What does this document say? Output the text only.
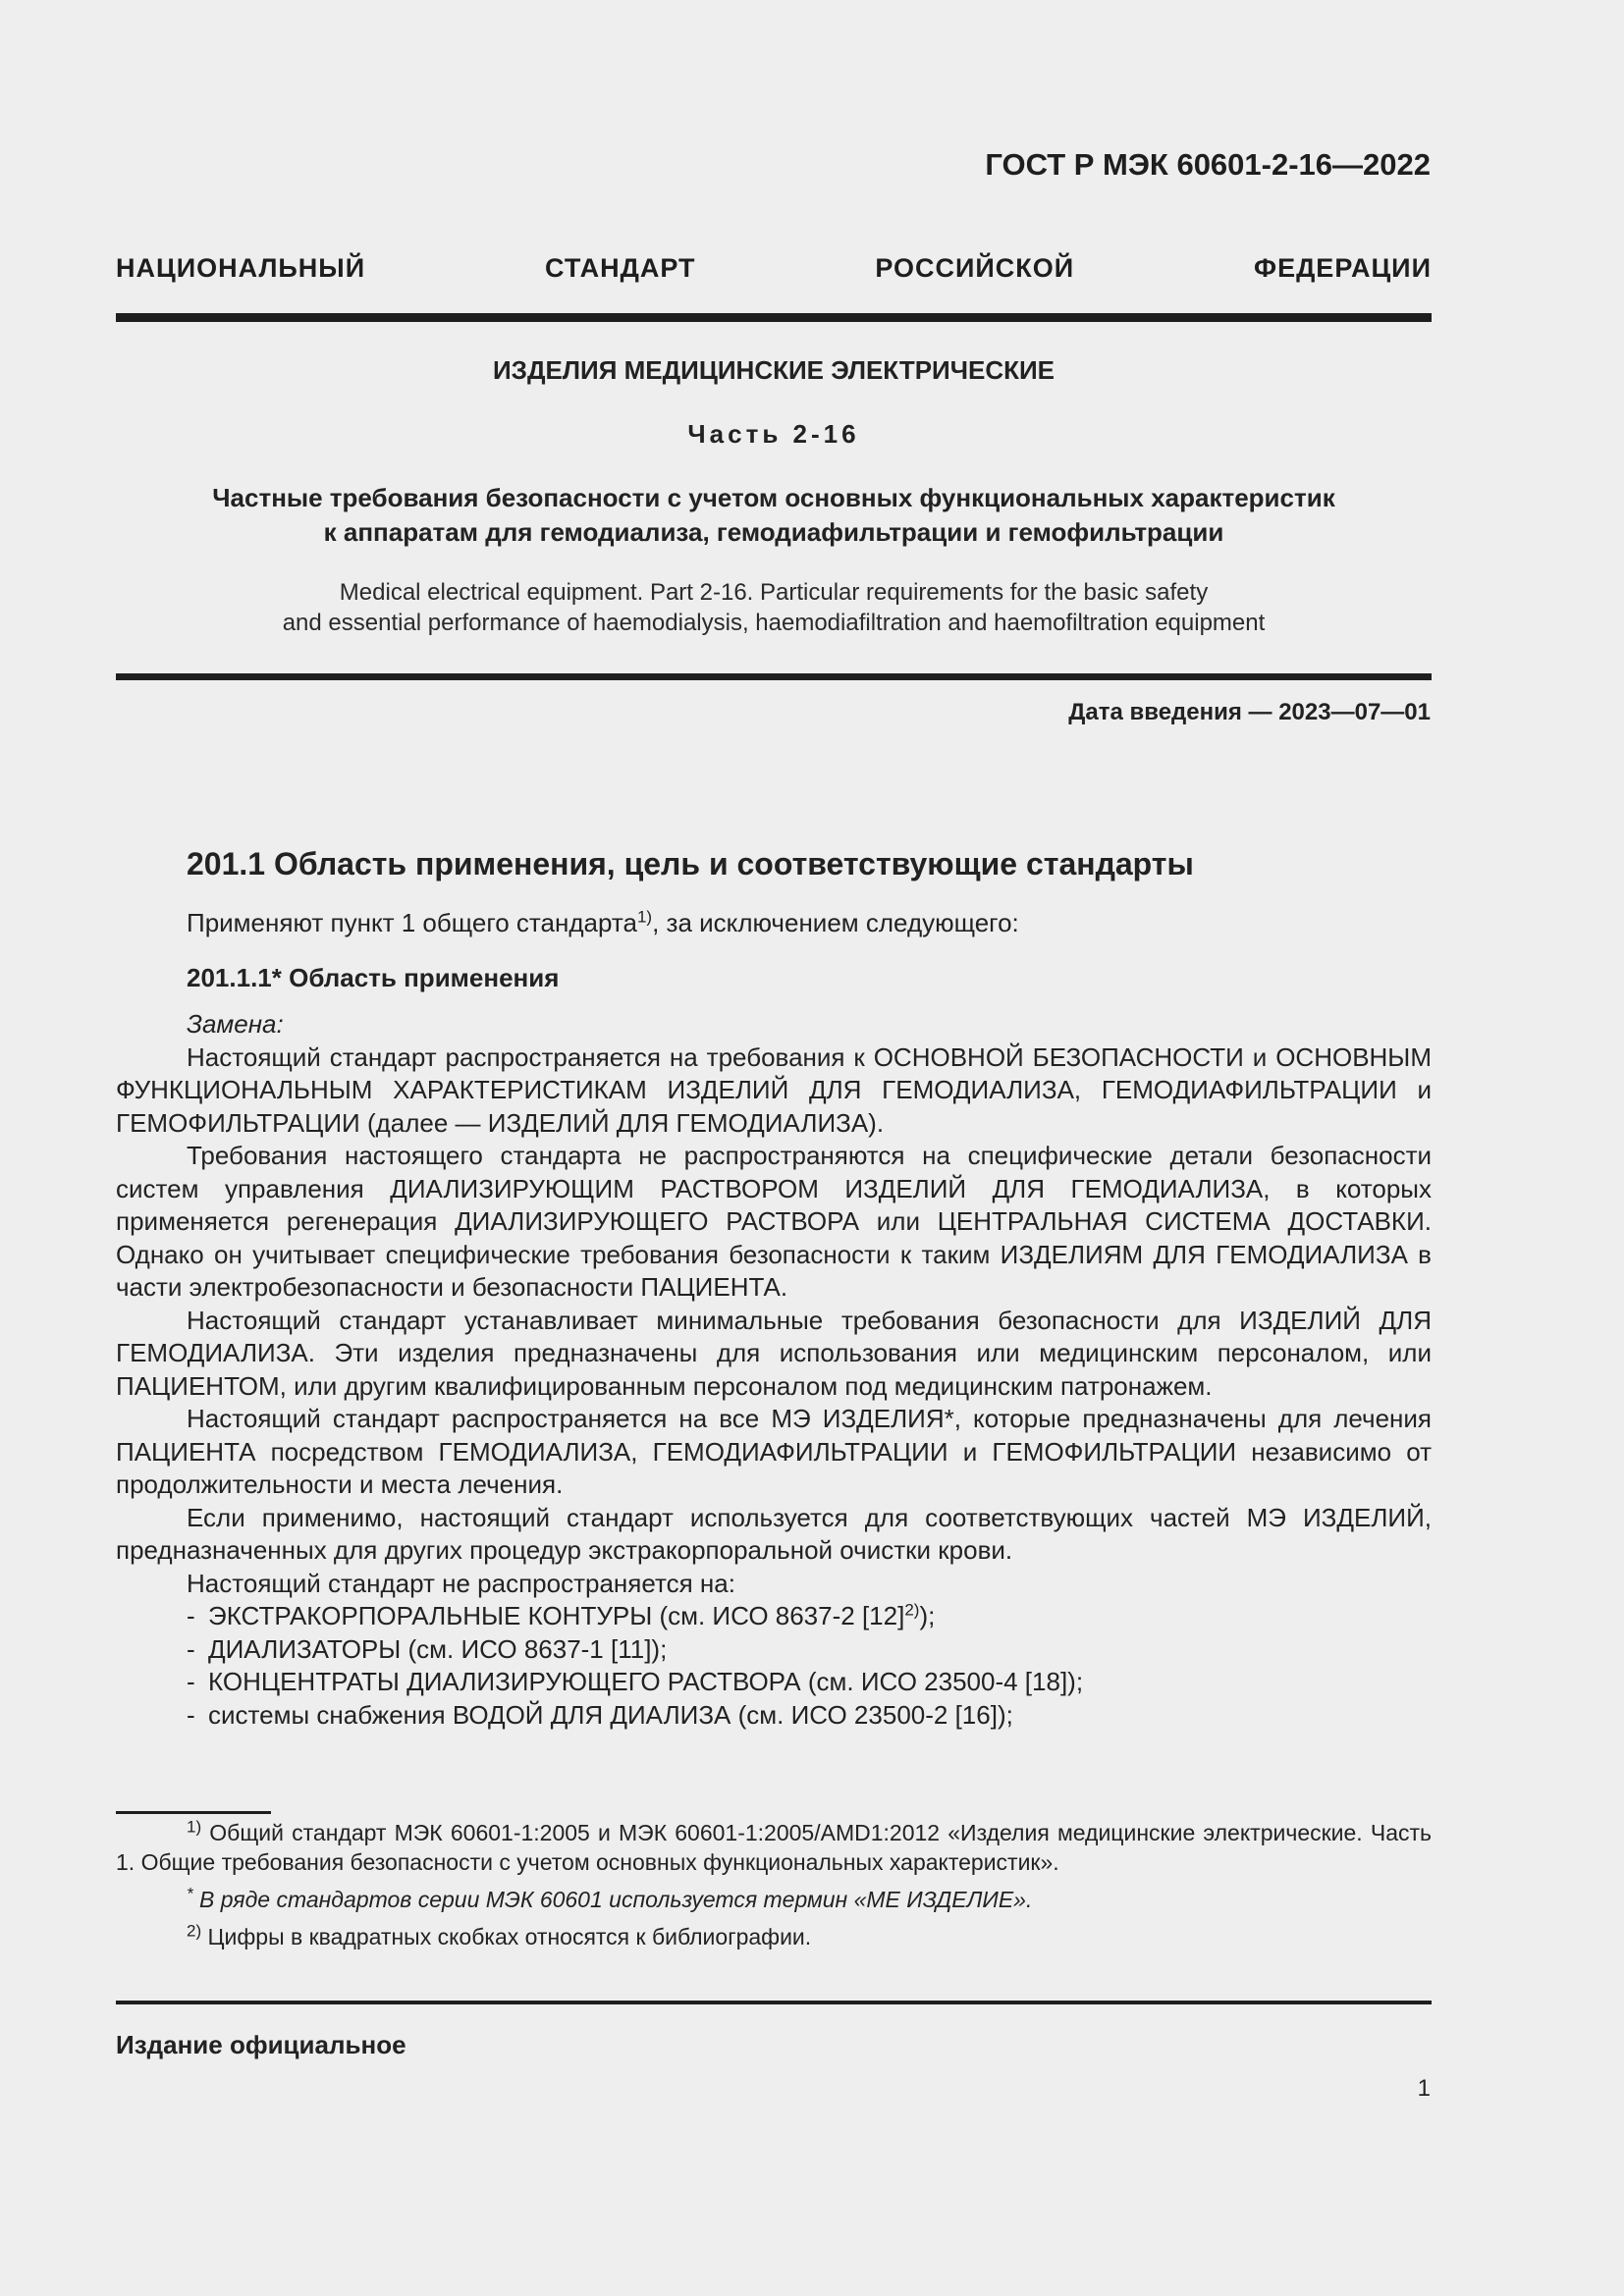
ГОСТ Р МЭК 60601-2-16—2022
НАЦИОНАЛЬНЫЙ СТАНДАРТ РОССИЙСКОЙ ФЕДЕРАЦИИ
ИЗДЕЛИЯ МЕДИЦИНСКИЕ ЭЛЕКТРИЧЕСКИЕ
Часть 2-16
Частные требования безопасности с учетом основных функциональных характеристик
к аппаратам для гемодиализа, гемодиафильтрации и гемофильтрации
Medical electrical equipment. Part 2-16. Particular requirements for the basic safety
and essential performance of haemodialysis, haemodiafiltration and haemofiltration equipment
Дата введения — 2023—07—01
201.1 Область применения, цель и соответствующие стандарты
Применяют пункт 1 общего стандарта$^{1)}$, за исключением следующего:
201.1.1* Область применения
Замена:

Настоящий стандарт распространяется на требования к ОСНОВНОЙ БЕЗОПАСНОСТИ и ОСНОВНЫМ ФУНКЦИОНАЛЬНЫМ ХАРАКТЕРИСТИКАМ ИЗДЕЛИЙ ДЛЯ ГЕМОДИАЛИЗА, ГЕМОДИАФИЛЬТРАЦИИ и ГЕМОФИЛЬТРАЦИИ (далее — ИЗДЕЛИЙ ДЛЯ ГЕМОДИАЛИЗА).

Требования настоящего стандарта не распространяются на специфические детали безопасности систем управления ДИАЛИЗИРУЮЩИМ РАСТВОРОМ ИЗДЕЛИЙ ДЛЯ ГЕМОДИАЛИЗА, в которых применяется регенерация ДИАЛИЗИРУЮЩЕГО РАСТВОРА или ЦЕНТРАЛЬНАЯ СИСТЕМА ДОСТАВКИ. Однако он учитывает специфические требования безопасности к таким ИЗДЕЛИЯМ ДЛЯ ГЕМОДИАЛИЗА в части электробезопасности и безопасности ПАЦИЕНТА.

Настоящий стандарт устанавливает минимальные требования безопасности для ИЗДЕЛИЙ ДЛЯ ГЕМОДИАЛИЗА. Эти изделия предназначены для использования или медицинским персоналом, или ПАЦИЕНТОМ, или другим квалифицированным персоналом под медицинским патронажем.

Настоящий стандарт распространяется на все МЭ ИЗДЕЛИЯ*, которые предназначены для лечения ПАЦИЕНТА посредством ГЕМОДИАЛИЗА, ГЕМОДИАФИЛЬТРАЦИИ и ГЕМОФИЛЬТРАЦИИ независимо от продолжительности и места лечения.

Если применимо, настоящий стандарт используется для соответствующих частей МЭ ИЗДЕЛИЙ, предназначенных для других процедур экстракорпоральной очистки крови.

Настоящий стандарт не распространяется на:

- ЭКСТРАКОРПОРАЛЬНЫЕ КОНТУРЫ (см. ИСО 8637-2 $[12]^{2)}$);
- ДИАЛИЗАТОРЫ (см. ИСО 8637-1 [11]);
- КОНЦЕНТРАТЫ ДИАЛИЗИРУЮЩЕГО РАСТВОРА (см. ИСО 23500-4 [18]);
- системы снабжения ВОДОЙ ДЛЯ ДИАЛИЗА (см. ИСО 23500-2 [16]);

$^{1)}$ Общий стандарт МЭК 60601-1:2005 и МЭК 60601-1:2005/AMD1:2012 «Изделия медицинские электрические. Часть 1. Общие требования безопасности с учетом основных функциональных характеристик».

* В ряде стандартов серии МЭК 60601 используется термин «ME ИЗДЕЛИЕ».

$^{2)}$ Цифры в квадратных скобках относятся к библиографии.

Издание официальное
1
